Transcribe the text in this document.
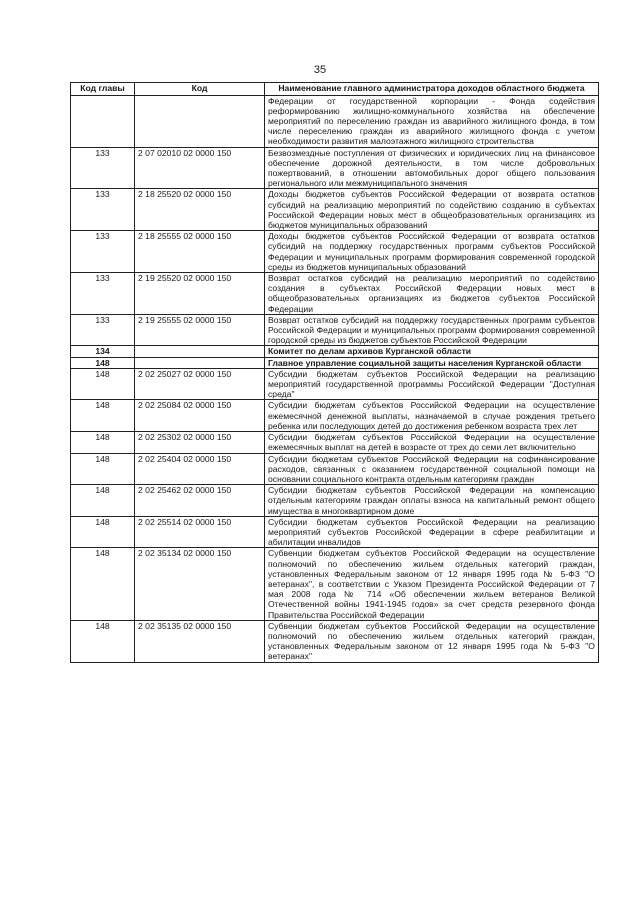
35
Код главы	Код	Наименование главного администратора доходов областного бюджета
		Федерации от государственной корпорации - Фонда содействия реформированию жилищно-коммунального хозяйства на обеспечение мероприятий по переселению граждан из аварийного жилищного фонда, в том числе переселению граждан из аварийного жилищного фонда с учетом необходимости развития малоэтажного жилищного строительства
133	2 07 02010 02 0000 150	Безвозмездные поступления от физических и юридических лиц на финансовое обеспечение дорожной деятельности, в том числе добровольных пожертвований, в отношении автомобильных дорог общего пользования регионального или межмуниципального значения
133	2 18 25520 02 0000 150	Доходы бюджетов субъектов Российской Федерации от возврата остатков субсидий на реализацию мероприятий по содействию созданию в субъектах Российской Федерации новых мест в общеобразовательных организациях из бюджетов муниципальных образований
133	2 18 25555 02 0000 150	Доходы бюджетов субъектов Российской Федерации от возврата остатков субсидий на поддержку государственных программ субъектов Российской Федерации и муниципальных программ формирования современной городской среды из бюджетов муниципальных образований
133	2 19 25520 02 0000 150	Возврат остатков субсидий на реализацию мероприятий по содействию создания в субъектах Российской Федерации новых мест в общеобразовательных организациях из бюджетов субъектов Российской Федерации
133	2 19 25555 02 0000 150	Возврат остатков субсидий на поддержку государственных программ субъектов Российской Федерации и муниципальных программ формирования современной городской среды из бюджетов субъектов Российской Федерации
134		Комитет по делам архивов Курганской области
148		Главное управление социальной защиты населения Курганской области
148	2 02 25027 02 0000 150	Субсидии бюджетам субъектов Российской Федерации на реализацию мероприятий государственной программы Российской Федерации "Доступная среда"
148	2 02 25084 02 0000 150	Субсидии бюджетам субъектов Российской Федерации на осуществление ежемесячной денежной выплаты, назначаемой в случае рождения третьего ребенка или последующих детей до достижения ребенком возраста трех лет
148	2 02 25302 02 0000 150	Субсидии бюджетам субъектов Российской Федерации на осуществление ежемесячных выплат на детей в возрасте от трех до семи лет включительно
148	2 02 25404 02 0000 150	Субсидии бюджетам субъектов Российской Федерации на софинансирование расходов, связанных с оказанием государственной социальной помощи на основании социального контракта отдельным категориям граждан
148	2 02 25462 02 0000 150	Субсидии бюджетам субъектов Российской Федерации на компенсацию отдельным категориям граждан оплаты взноса на капитальный ремонт общего имущества в многоквартирном доме
148	2 02 25514 02 0000 150	Субсидии бюджетам субъектов Российской Федерации на реализацию мероприятий субъектов Российской Федерации в сфере реабилитации и абилитации инвалидов
148	2 02 35134 02 0000 150	Субвенции бюджетам субъектов Российской Федерации на осуществление полномочий по обеспечению жильем отдельных категорий граждан, установленных Федеральным законом от 12 января 1995 года № 5-ФЗ "О ветеранах", в соответствии с Указом Президента Российской Федерации от 7 мая 2008 года № 714 «Об обеспечении жильем ветеранов Великой Отечественной войны 1941-1945 годов» за счет средств резервного фонда Правительства Российской Федерации
148	2 02 35135 02 0000 150	Субвенции бюджетам субъектов Российской Федерации на осуществление полномочий по обеспечению жильем отдельных категорий граждан, установленных Федеральным законом от 12 января 1995 года № 5-ФЗ "О ветеранах"
